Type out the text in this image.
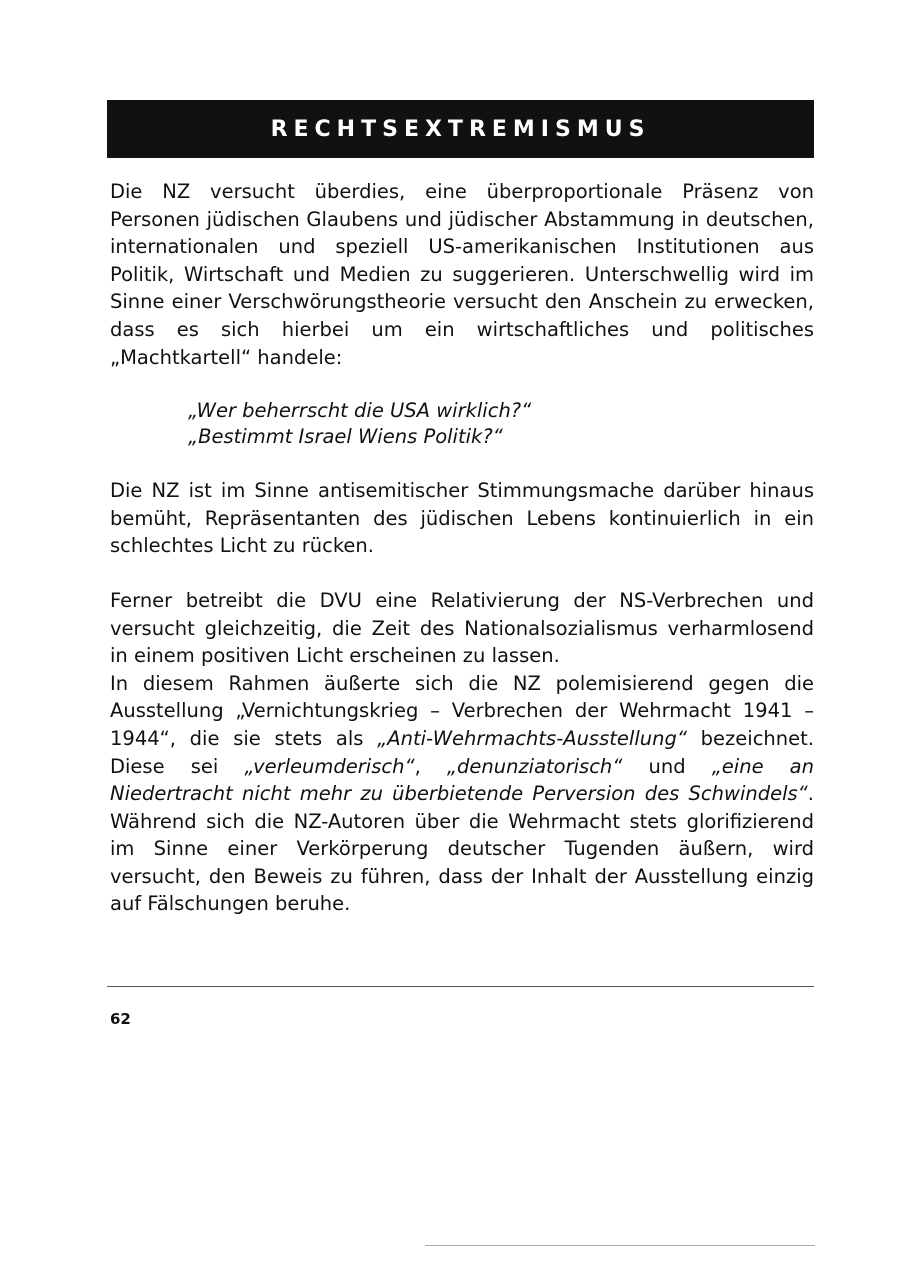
RECHTSEXTREMISMUS

Die NZ versucht überdies, eine überproportionale Präsenz von Personen jüdischen Glaubens und jüdischer Abstammung in deutschen, internationalen und speziell US-amerikanischen Institutionen aus Politik, Wirtschaft und Medien zu suggerieren. Unterschwellig wird im Sinne einer Verschwörungstheorie versucht den Anschein zu erwecken, dass es sich hierbei um ein wirtschaftliches und politisches „Machtkartell“ handele:

„Wer beherrscht die USA wirklich?“
„Bestimmt Israel Wiens Politik?“

Die NZ ist im Sinne antisemitischer Stimmungsmache darüber hinaus bemüht, Repräsentanten des jüdischen Lebens kontinuierlich in ein schlechtes Licht zu rücken.

Ferner betreibt die DVU eine Relativierung der NS-Verbrechen und versucht gleichzeitig, die Zeit des Nationalsozialismus verharmlosend in einem positiven Licht erscheinen zu lassen.

In diesem Rahmen äußerte sich die NZ polemisierend gegen die Ausstellung „Vernichtungskrieg – Verbrechen der Wehrmacht 1941 – 1944“, die sie stets als „Anti-Wehrmachts-Ausstellung“ bezeichnet. Diese sei „verleumderisch“, „denunziatorisch“ und „eine an Niedertracht nicht mehr zu überbietende Perversion des Schwindels“. Während sich die NZ-Autoren über die Wehrmacht stets glorifizierend im Sinne einer Verkörperung deutscher Tugenden äußern, wird versucht, den Beweis zu führen, dass der Inhalt der Ausstellung einzig auf Fälschungen beruhe.

62
